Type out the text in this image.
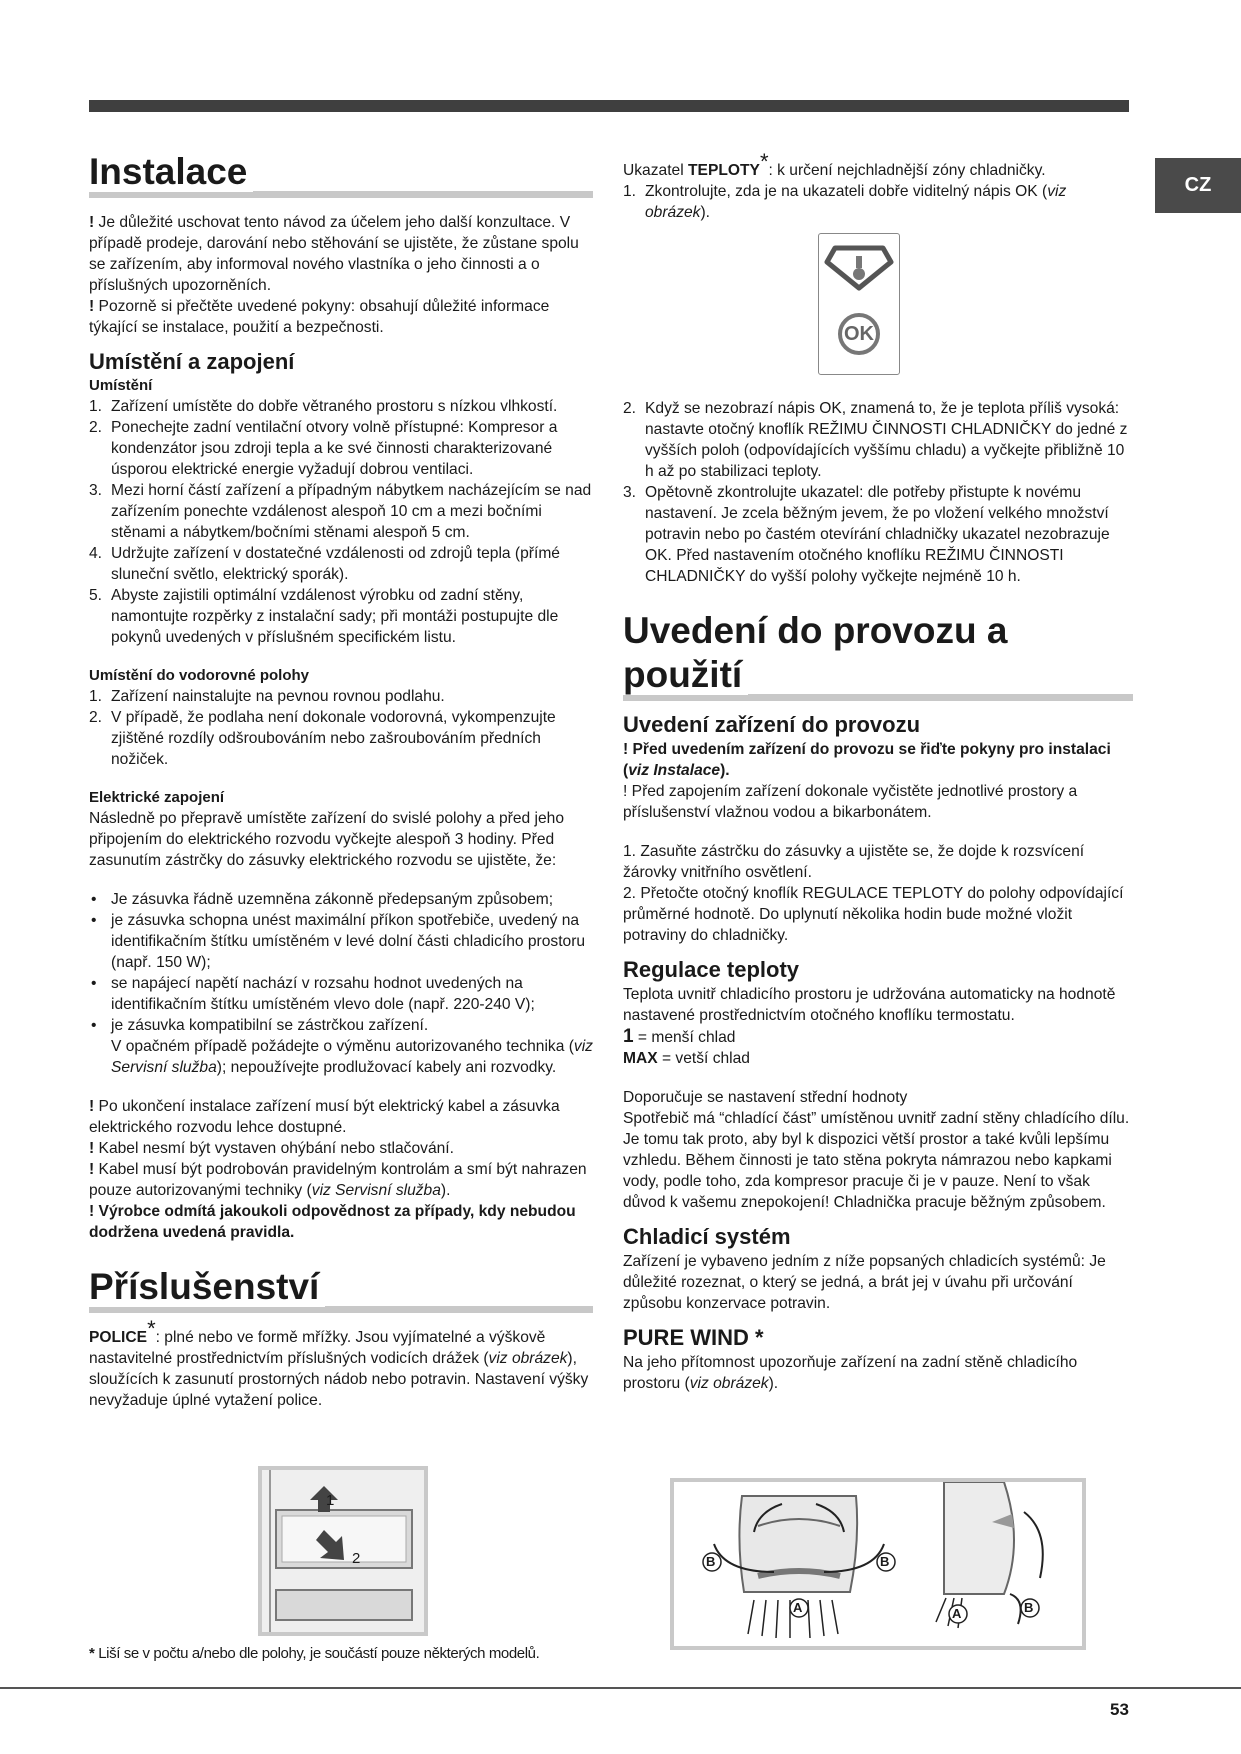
CZ
Instalace

! Je důležité uschovat tento návod za účelem jeho další konzultace. V případě prodeje, darování nebo stěhování se ujistěte, že zůstane spolu se zařízením, aby informoval nového vlastníka o jeho činnosti a o příslušných upozorněních.

! Pozorně si přečtěte uvedené pokyny: obsahují důležité informace týkající se instalace, použití a bezpečnosti.

Umístění a zapojení
Umístění
1. Zařízení umístěte do dobře větraného prostoru s nízkou vlhkostí.
2. Ponechejte zadní ventilační otvory volně přístupné: Kompresor a kondenzátor jsou zdroji tepla a ke své činnosti charakterizované úsporou elektrické energie vyžadují dobrou ventilaci.
3. Mezi horní částí zařízení a případným nábytkem nacházejícím se nad zařízením ponechte vzdálenost alespoň 10 cm a mezi bočními stěnami a nábytkem/bočními stěnami alespoň 5 cm.
4. Udržujte zařízení v dostatečné vzdálenosti od zdrojů tepla (přímé sluneční světlo, elektrický sporák).
5. Abyste zajistili optimální vzdálenost výrobku od zadní stěny, namontujte rozpěrky z instalační sady; při montáži postupujte dle pokynů uvedených v příslušném specifickém listu.
Umístění do vodorovné polohy
1. Zařízení nainstalujte na pevnou rovnou podlahu.
2. V případě, že podlaha není dokonale vodorovná, vykompenzujte zjištěné rozdíly odšroubováním nebo zašroubováním předních nožiček.
Elektrické zapojení

Následně po přepravě umístěte zařízení do svislé polohy a před jeho připojením do elektrického rozvodu vyčkejte alespoň 3 hodiny. Před zasunutím zástrčky do zásuvky elektrického rozvodu se ujistěte, že:

• Je zásuvka řádně uzemněna zákonně předepsaným způsobem;
• je zásuvka schopna unést maximální příkon spotřebiče, uvedený na identifikačním štítku umístěném v levé dolní části chladicího prostoru (např. 150 W);
• se napájecí napětí nachází v rozsahu hodnot uvedených na identifikačním štítku umístěném vlevo dole (např. 220-240 V);
• je zásuvka kompatibilní se zástrčkou zařízení.
V opačném případě požádejte o výměnu autorizovaného technika (viz Servisní služba); nepoužívejte prodlužovací kabely ani rozvodky.

! Po ukončení instalace zařízení musí být elektrický kabel a zásuvka elektrického rozvodu lehce dostupné.

! Kabel nesmí být vystaven ohýbání nebo stlačování.

! Kabel musí být podrobován pravidelným kontrolám a smí být nahrazen pouze autorizovanými techniky (viz Servisní služba).

! Výrobce odmítá jakoukoli odpovědnost za případy, kdy nebudou dodržena uvedená pravidla.

Příslušenství

POLICE*: plné nebo ve formě mřížky. Jsou vyjímatelné a výškově nastavitelné prostřednictvím příslušných vodicích drážek (viz obrázek), sloužících k zasunutí prostorných nádob nebo potravin. Nastavení výšky nevyžaduje úplné vytažení police.

1
2
* Liší se v počtu a/nebo dle polohy, je součástí pouze některých modelů.

Ukazatel TEPLOTY*: k určení nejchladnější zóny chladničky.

1. Zkontrolujte, zda je na ukazateli dobře viditelný nápis OK (viz obrázek).
OK
2. Když se nezobrazí nápis OK, znamená to, že je teplota příliš vysoká: nastavte otočný knoflík REŽIMU ČINNOSTI CHLADNIČKY do jedné z vyšších poloh (odpovídajících vyššímu chladu) a vyčkejte přibližně 10 h až po stabilizaci teploty.
3. Opětovně zkontrolujte ukazatel: dle potřeby přistupte k novému nastavení. Je zcela běžným jevem, že po vložení velkého množství potravin nebo po častém otevírání chladničky ukazatel nezobrazuje OK. Před nastavením otočného knoflíku REŽIMU ČINNOSTI CHLADNIČKY do vyšší polohy vyčkejte nejméně 10 h.
Uvedení do provozu a použití
Uvedení zařízení do provozu

! Před uvedením zařízení do provozu se řiďte pokyny pro instalaci (viz Instalace).

! Před zapojením zařízení dokonale vyčistěte jednotlivé prostory a příslušenství vlažnou vodou a bikarbonátem.

1. Zasuňte zástrčku do zásuvky a ujistěte se, že dojde k rozsvícení žárovky vnitřního osvětlení.

2. Přetočte otočný knoflík REGULACE TEPLOTY do polohy odpovídající průměrné hodnotě. Do uplynutí několika hodin bude možné vložit potraviny do chladničky.

Regulace teploty

Teplota uvnitř chladicího prostoru je udržována automaticky na hodnotě nastavené prostřednictvím otočného knoflíku termostatu.

1 = menší chlad

MAX = vetší chlad

Doporučuje se nastavení střední hodnoty

Spotřebič má “chladící část” umístěnou uvnitř zadní stěny chladícího dílu. Je tomu tak proto, aby byl k dispozici větší prostor a také kvůli lepšímu vzhledu. Během činnosti je tato stěna pokryta námrazou nebo kapkami vody, podle toho, zda kompresor pracuje či je v pauze. Není to však důvod k vašemu znepokojení! Chladnička pracuje běžným způsobem.

Chladicí systém

Zařízení je vybaveno jedním z níže popsaných chladicích systémů: Je důležité rozeznat, o který se jedná, a brát jej v úvahu při určování způsobu konzervace potravin.

PURE WIND *

Na jeho přítomnost upozorňuje zařízení na zadní stěně chladicího prostoru (viz obrázek).

B	B
A	A	B
53
